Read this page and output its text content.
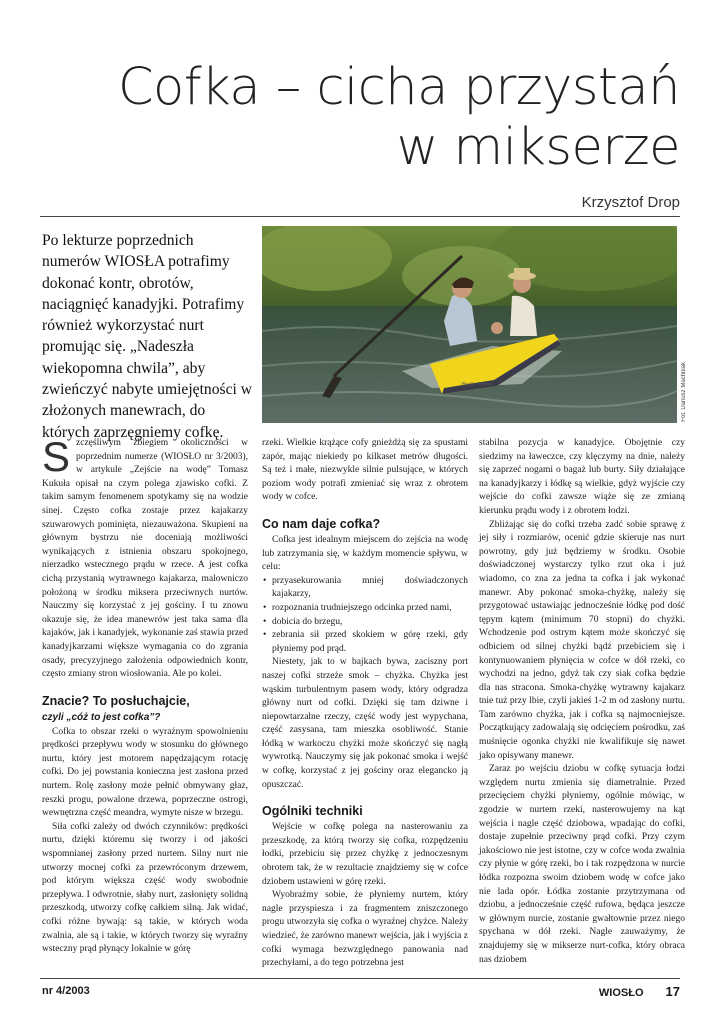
Cofka – cicha przystań
w mikserze
Krzysztof Drop

Po lekturze poprzednich numerów WIOSŁA potrafimy dokonać kontr, obrotów, naciągnięć kanadyjki. Potrafimy również wykorzystać nurt promując się. „Nadeszła wiekopomna chwila”, aby zwieńczyć nabyte umiejętności w złożonych manewrach, do których zaprzęgniemy cofkę.

Brelik i Burns	Fot. Dariusz Machniak

Szczęśliwym zbiegiem okoliczności w poprzednim numerze (WIOSŁO nr 3/2003), w artykule „Zejście na wodę” Tomasz Kukuła opisał na czym polega zjawisko cofki. Z takim samym fenomenem spotykamy się na wodzie sinej. Często cofka zostaje przez kajakarzy szuwarowych pominięta, niezauważona. Skupieni na głównym bystrzu nie doceniają możliwości wynikających z istnienia obszaru spokojnego, nierzadko wstecznego prądu w rzece. A jest cofka cichą przystanią wytrawnego kajakarza, malowniczo położoną w środku miksera przeciwnych nurtów. Nauczmy się korzystać z jej gościny. I tu znowu okazuje się, że idea manewrów jest taka sama dla kajaków, jak i kanadyjek, wykonanie zaś stawia przed kanadyjkarzami większe wymagania co do zgrania osady, precyzyjnego założenia odpowiednich kontr, często zmiany stron wiosłowania. Ale po kolei.

Znacie? To posłuchajcie,
czyli „cóż to jest cofka”?

Cofka to obszar rzeki o wyraźnym spowolnieniu prędkości przepływu wody w stosunku do głównego nurtu, który jest motorem napędzającym rotację cofki. Do jej powstania konieczna jest zasłona przed nurtem. Rolę zasłony może pełnić obmywany głaz, reszki progu, powalone drzewa, poprzeczne ostrogi, wewnętrzna część meandra, wymyte nisze w brzegu.

Siła cofki zależy od dwóch czynników: prędkości nurtu, dzięki któremu się tworzy i od jakości wspomnianej zasłony przed nurtem. Silny nurt nie utworzy mocnej cofki za przewróconym drzewem, pod którym większa część wody swobodnie przepływa. I odwrotnie, słaby nurt, zasłonięty solidną przeszkodą, utworzy cofkę całkiem silną. Jak widać, cofki różne bywają: są takie, w których woda zwalnia, ale są i takie, w których tworzy się wyraźny wsteczny prąd płynący lokalnie w górę

rzeki. Wielkie krążące cofy gnieżdżą się za spustami zapór, mając niekiedy po kilkaset metrów długości. Są też i małe, niezwykle silnie pulsujące, w których poziom wody potrafi zmieniać się wraz z obrotem wody w cofce.

Co nam daje cofka?

Cofka jest idealnym miejscem do zejścia na wodę lub zatrzymania się, w każdym momencie spływu, w celu:

• przyasekurowania mniej doświadczonych kajakarzy,
• rozpoznania trudniejszego odcinka przed nami,
• dobicia do brzegu,
• zebrania sił przed skokiem w górę rzeki, gdy płyniemy pod prąd.

Niestety, jak to w bajkach bywa, zaciszny port naszej cofki strzeże smok – chyżka. Chyżka jest wąskim turbulentnym pasem wody, który odgradza główny nurt od cofki. Dzięki się tam dziwne i niepowtarzalne rzeczy, część wody jest wypychana, część zasysana, tam mieszka osobliwość. Stanie łódką w warkoczu chyżki może skończyć się nagłą wywrotką. Nauczymy się jak pokonać smoka i wejść w cofkę, korzystać z jej gościny oraz elegancko ją opuszczać.

Ogólniki techniki

Wejście w cofkę polega na nasterowaniu za przeszkodę, za którą tworzy się cofka, rozpędzeniu łodki, przebiciu się przez chyżkę z jednoczesnym obrotem tak, że w rezultacie znajdziemy się w cofce dziobem ustawieni w górę rzeki.

Wyobraźmy sobie, że płyniemy nurtem, który nagle przyspiesza i za fragmentem zniszczonego progu utworzyła się cofka o wyraźnej chyżce. Należy wiedzieć, że zarówno manewr wejścia, jak i wyjścia z cofki wymaga bezwzględnego panowania nad przechyłami, a do tego potrzebna jest

stabilna pozycja w kanadyjce. Obojętnie czy siedzimy na ławeczce, czy klęczymy na dnie, należy się zaprzeć nogami o bagaż lub burty. Siły działające na kanadyjkarzy i łódkę są wielkie, gdyż wyjście czy wejście do cofki zawsze wiąże się ze zmianą kierunku prądu wody i z obrotem łodzi.

Zbliżając się do cofki trzeba zadć sobie sprawę z jej siły i rozmiarów, ocenić gdzie skieruje nas nurt powrotny, gdy już będziemy w środku. Osobie doświadczonej wystarczy tylko rzut oka i już wiadomo, co zna za jedna ta cofka i jak wykonać manewr. Aby pokonać smoka-chyżkę, należy się przygotować ustawiając jednocześnie łódkę pod dość tępym kątem (minimum 70 stopni) do chyżki. Wchodzenie pod ostrym kątem może skończyć się odbiciem od silnej chyżki bądź przebiciem się i kontynuowaniem płynięcia w cofce w dół rzeki, co wychodzi na jedno, gdyż tak czy siak cofka będzie dla nas stracona. Smoka-chyżkę wytrawny kajakarz tnie tuż przy lbie, czyli jakieś 1-2 m od zasłony nurtu. Tam zarówno chyżka, jak i cofka są najmocniejsze. Początkujący zadowalają się odcięciem pośrodku, zaś muśnięcie ogonka chyżki nie kwalifikuje się nawet jako opisywany manewr.

Zaraz po wejściu dziobu w cofkę sytuacja łodzi względem nurtu zmienia się diametralnie. Przed przecięciem chyżki płyniemy, ogólnie mówiąc, w zgodzie w nurtem rzeki, nasterowujemy na kąt wejścia i nagle część dziobowa, wpadając do cofki, dostaje zupełnie przeciwny prąd cofki. Przy czym jakościowo nie jest istotne, czy w cofce woda zwalnia czy płynie w górę rzeki, bo i tak rozpędzona w nurcie łódka rozpozna swoim dziobem wodę w cofce jako nie lada opór. Łódka zostanie przytrzymana od dziobu, a jednocześnie część rufowa, będąca jeszcze w głównym nurcie, zostanie gwałtownie przez niego spychana w dół rzeki. Nagle zauważymy, że znajdujemy się w mikserze nurt-cofka, który obraca nas dziobem

nr 4/2003	WIOSŁO 17
